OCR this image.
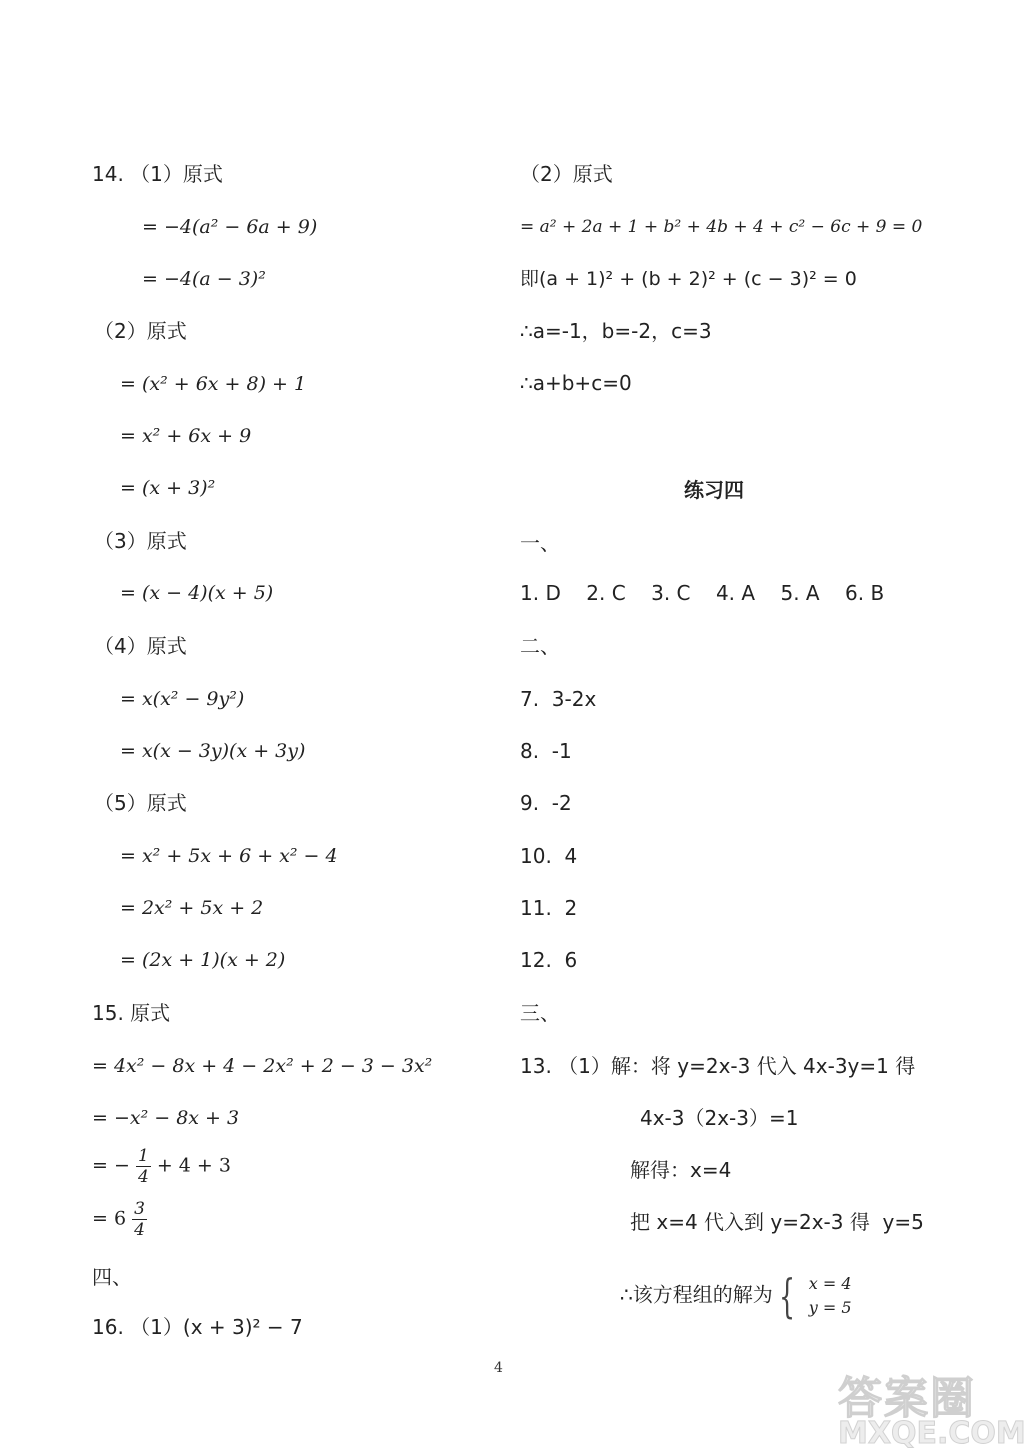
14. （1）原式
= −4(a² − 6a + 9)
= −4(a − 3)²
（2）原式
= (x² + 6x + 8) + 1
= x² + 6x + 9
= (x + 3)²
（3）原式
= (x − 4)(x + 5)
（4）原式
= x(x² − 9y²)
= x(x − 3y)(x + 3y)
（5）原式
= x² + 5x + 6 + x² − 4
= 2x² + 5x + 2
= (2x + 1)(x + 2)
15. 原式
= 4x² − 8x + 4 − 2x² + 2 − 3 − 3x²
= −x² − 8x + 3
= − $\frac{1}{4} + 4 + 3$
= $6 \frac{3}{4}$
四、
16. （1）(x + 3)² − 7
（2）原式
= a² + 2a + 1 + b² + 4b + 4 + c² − 6c + 9 = 0
即(a + 1)² + (b + 2)² + (c − 3)² = 0
∴a=-1，b=-2，c=3
∴a+b+c=0
练习四
一、
1. D    2. C    3. C    4. A    5. A    6. B
二、
7.  3-2x
8.  -1
9.  -2
10.  4
11.  2
12.  6
三、
13. （1）解：将 y=2x-3 代入 4x-3y=1 得
4x-3（2x-3）=1
解得：x=4
把 x=4 代入到 y=2x-3 得  y=5
∴该方程组的解为 { x = 4
y = 5
4
答案圈
MXQE.COM
